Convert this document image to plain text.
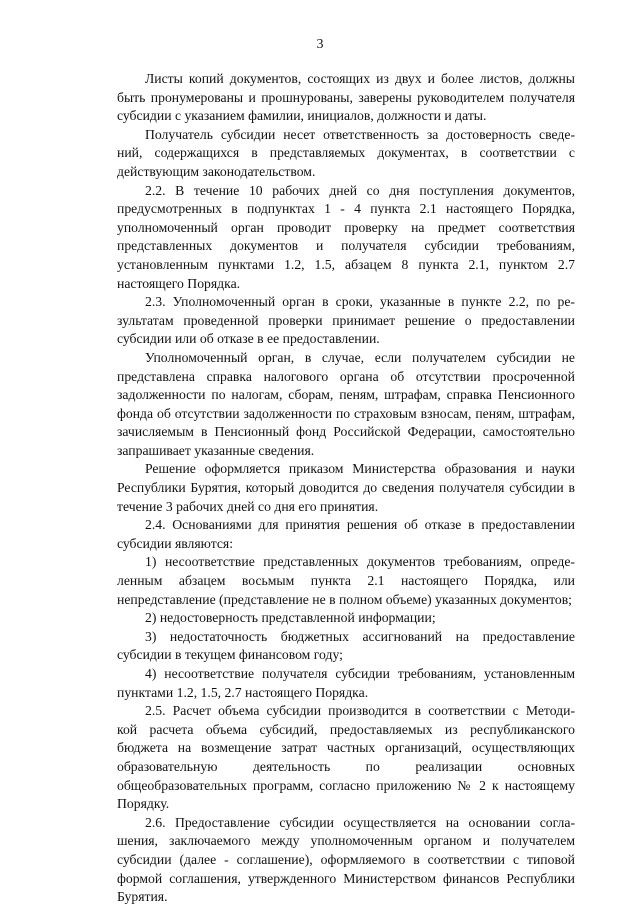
3

Листы копий документов, состоящих из двух и более листов, должны
быть пронумерованы и прошнурованы, заверены руководителем получателя субсидии с указанием фамилии, инициалов, должности и даты.

Получатель субсидии несет ответственность за достоверность сведе-
ний, содержащихся в представляемых документах, в соответствии с действующим законодательством.

2.2. В течение 10 рабочих дней со дня поступления документов,
предусмотренных в подпунктах 1 - 4 пункта 2.1 настоящего Порядка, уполномоченный орган проводит проверку на предмет соответствия представленных документов и получателя субсидии требованиям, установленным пунктами 1.2, 1.5, абзацем 8 пункта 2.1, пунктом 2.7 настоящего Порядка.

2.3. Уполномоченный орган в сроки, указанные в пункте 2.2, по ре-
зультатам проведенной проверки принимает решение о предоставлении субсидии или об отказе в ее предоставлении.

Уполномоченный орган, в случае, если получателем субсидии не
представлена справка налогового органа об отсутствии просроченной задолженности по налогам, сборам, пеням, штрафам, справка Пенсионного фонда об отсутствии задолженности по страховым взносам, пеням, штрафам, зачисляемым в Пенсионный фонд Российской Федерации, самостоятельно запрашивает указанные сведения.

Решение оформляется приказом Министерства образования и науки
Республики Бурятия, который доводится до сведения получателя субсидии в течение 3 рабочих дней со дня его принятия.

2.4. Основаниями для принятия решения об отказе в предоставлении
субсидии являются:

1) несоответствие представленных документов требованиям, опреде-
ленным абзацем восьмым пункта 2.1 настоящего Порядка, или непредставление (представление не в полном объеме) указанных документов;

2) недостоверность представленной информации;

3) недостаточность бюджетных ассигнований на предоставление
субсидии в текущем финансовом году;

4) несоответствие получателя субсидии требованиям, установленным
пунктами 1.2, 1.5, 2.7 настоящего Порядка.

2.5. Расчет объема субсидии производится в соответствии с Методи-
кой расчета объема субсидий, предоставляемых из республиканского бюджета на возмещение затрат частных организаций, осуществляющих образовательную деятельность по реализации основных общеобразовательных программ, согласно приложению № 2 к настоящему Порядку.

2.6. Предоставление субсидии осуществляется на основании согла-
шения, заключаемого между уполномоченным органом и получателем субсидии (далее - соглашение), оформляемого в соответствии с типовой формой соглашения, утвержденного Министерством финансов Республики Бурятия.
